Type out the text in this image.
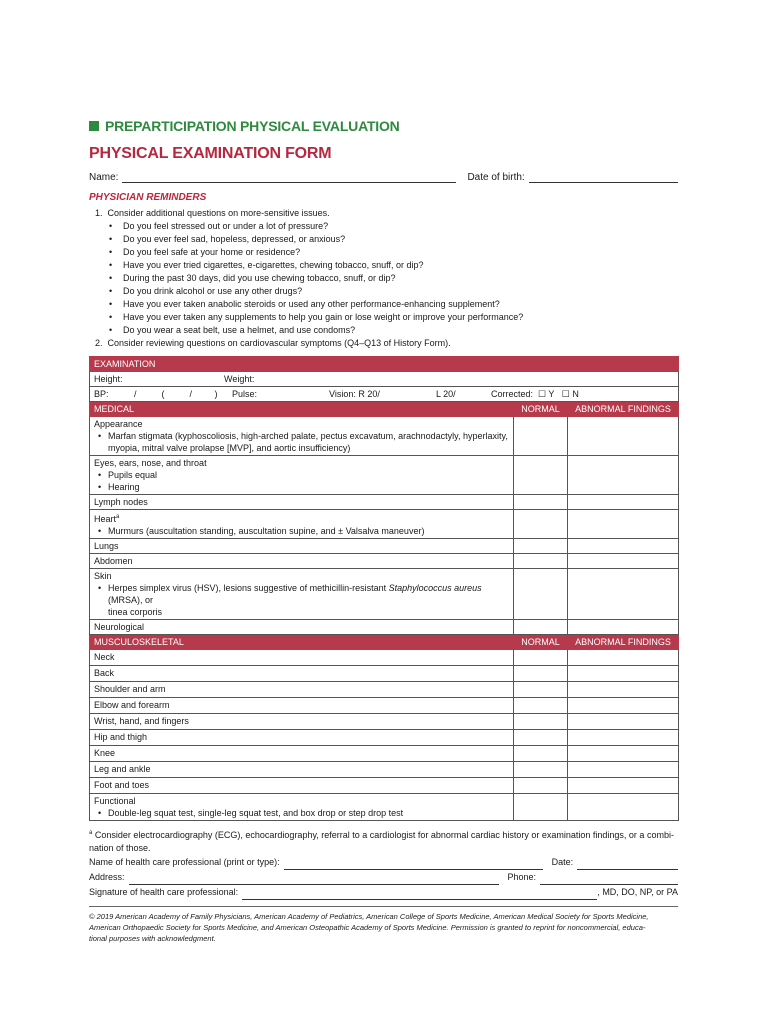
PREPARTICIPATION PHYSICAL EVALUATION
PHYSICAL EXAMINATION FORM
Name:	Date of birth:
PHYSICIAN REMINDERS
1.  Consider additional questions on more-sensitive issues.
• Do you feel stressed out or under a lot of pressure?
• Do you ever feel sad, hopeless, depressed, or anxious?
• Do you feel safe at your home or residence?
• Have you ever tried cigarettes, e-cigarettes, chewing tobacco, snuff, or dip?
• During the past 30 days, did you use chewing tobacco, snuff, or dip?
• Do you drink alcohol or use any other drugs?
• Have you ever taken anabolic steroids or used any other performance-enhancing supplement?
• Have you ever taken any supplements to help you gain or lose weight or improve your performance?
• Do you wear a seat belt, use a helmet, and use condoms?
2.  Consider reviewing questions on cardiovascular symptoms (Q4–Q13 of History Form).
EXAMINATION		
Height: Weight:		
BP: /          (          /         ) Pulse: Vision: R 20/ L 20/ Corrected:  ☐ Y   ☐ N		
MEDICAL	NORMAL	ABNORMAL FINDINGS

Appearance
• Marfan stigmata (kyphoscoliosis, high-arched palate, pectus excavatum, arachnodactyly, hyperlaxity,
myopia, mitral valve prolapse [MVP], and aortic insufficiency)

Eyes, ears, nose, and throat
• Pupils equal
• Hearing

Lymph nodes		

Heart$^a$
• Murmurs (auscultation standing, auscultation supine, and ± Valsalva maneuver)

Lungs		
Abdomen		

Skin
• Herpes simplex virus (HSV), lesions suggestive of methicillin-resistant Staphylococcus aureus (MRSA), or
tinea corporis

Neurological		
MUSCULOSKELETAL	NORMAL	ABNORMAL FINDINGS
Neck		
Back		
Shoulder and arm		
Elbow and forearm		
Wrist, hand, and fingers		
Hip and thigh		
Knee		
Leg and ankle		
Foot and toes		

Functional
• Double-leg squat test, single-leg squat test, and box drop or step drop test

$^a$ Consider electrocardiography (ECG), echocardiography, referral to a cardiologist for abnormal cardiac history or examination findings, or a combi-
nation of those.
Name of health care professional (print or type):	Date:
Address:	Phone:
Signature of health care professional:	, MD, DO, NP, or PA
© 2019 American Academy of Family Physicians, American Academy of Pediatrics, American College of Sports Medicine, American Medical Society for Sports Medicine,
American Orthopaedic Society for Sports Medicine, and American Osteopathic Academy of Sports Medicine. Permission is granted to reprint for noncommercial, educa-
tional purposes with acknowledgment.
